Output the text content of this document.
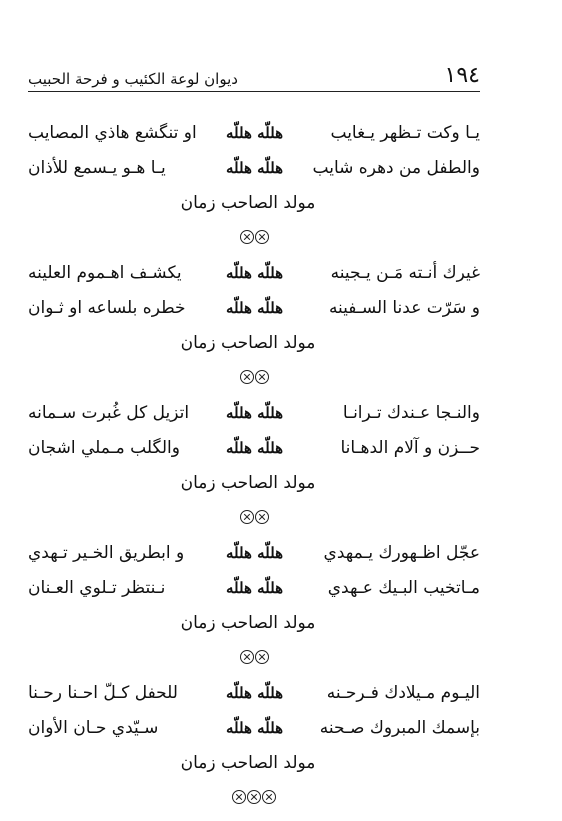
١٩٤
ديوان لوعة الكئيب و فرحة الحبيب
يـا وكت تـظهر يـغايب
هللّه هللّه
او تنگشع هاذي المصايب
والطفل من دهره شايب
هللّه هللّه
يـا هـو يـسمع للأذان
مولد الصاحب زمان
غيرك أنـته مَـن يـجينه
هللّه هللّه
يكشـف اهـموم العلينه
و سَرّت عدنا السـفينه
هللّه هللّه
خطره بلساعه او ثـوان
مولد الصاحب زمان
والنـجا عـندك تـرانـا
هللّه هللّه
اتزيل كل غُبرت سـمانه
حــزن و آلام الدهـانا
هللّه هللّه
والگلب مـملي اشجان
مولد الصاحب زمان
عجّل اظـهورك يـمهدي
هللّه هللّه
و ابطريق الخـير تـهدي
مـاتخيب البـيك عـهدي
هللّه هللّه
نـنتظر تـلوي العـنان
مولد الصاحب زمان
اليـوم مـيلادك فـرحـنه
هللّه هللّه
للحفل كـلّ احـنا رحـنا
بإسمك المبروك صـحنه
هللّه هللّه
سـيّدي حـان الأوان
مولد الصاحب زمان
